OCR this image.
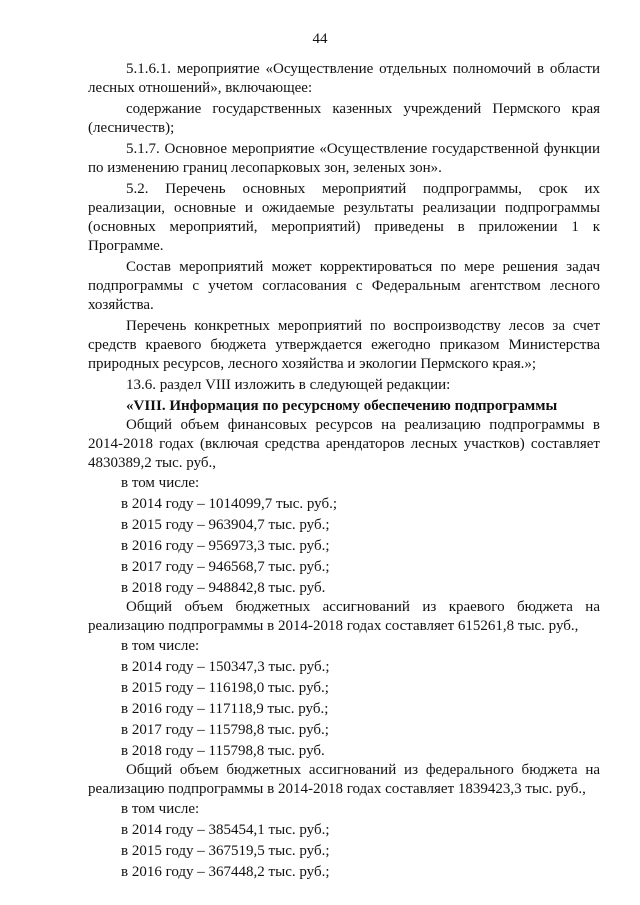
44

5.1.6.1. мероприятие «Осуществление отдельных полномочий в области лесных отношений», включающее:

содержание государственных казенных учреждений Пермского края (лесничеств);

5.1.7. Основное мероприятие «Осуществление государственной функции по изменению границ лесопарковых зон, зеленых зон».

5.2. Перечень основных мероприятий подпрограммы, срок их реализации, основные и ожидаемые результаты реализации подпрограммы (основных мероприятий, мероприятий) приведены в приложении 1 к Программе.

Состав мероприятий может корректироваться по мере решения задач подпрограммы с учетом согласования с Федеральным агентством лесного хозяйства.

Перечень конкретных мероприятий по воспроизводству лесов за счет средств краевого бюджета утверждается ежегодно приказом Министерства природных ресурсов, лесного хозяйства и экологии Пермского края.»;

13.6. раздел VIII изложить в следующей редакции:

«VIII. Информация по ресурсному обеспечению подпрограммы

Общий объем финансовых ресурсов на реализацию подпрограммы в 2014-2018 годах (включая средства арендаторов лесных участков) составляет 4830389,2 тыс. руб.,

в том числе:

в 2014 году – 1014099,7 тыс. руб.;

в 2015 году – 963904,7 тыс. руб.;

в 2016 году – 956973,3 тыс. руб.;

в 2017 году – 946568,7 тыс. руб.;

в 2018 году – 948842,8 тыс. руб.

Общий объем бюджетных ассигнований из краевого бюджета на реализацию подпрограммы в 2014-2018 годах составляет 615261,8 тыс. руб.,

в том числе:

в 2014 году – 150347,3 тыс. руб.;

в 2015 году – 116198,0 тыс. руб.;

в 2016 году – 117118,9 тыс. руб.;

в 2017 году – 115798,8 тыс. руб.;

в 2018 году – 115798,8 тыс. руб.

Общий объем бюджетных ассигнований из федерального бюджета на реализацию подпрограммы в 2014-2018 годах составляет 1839423,3 тыс. руб.,

в том числе:

в 2014 году – 385454,1 тыс. руб.;

в 2015 году – 367519,5 тыс. руб.;

в 2016 году – 367448,2 тыс. руб.;
